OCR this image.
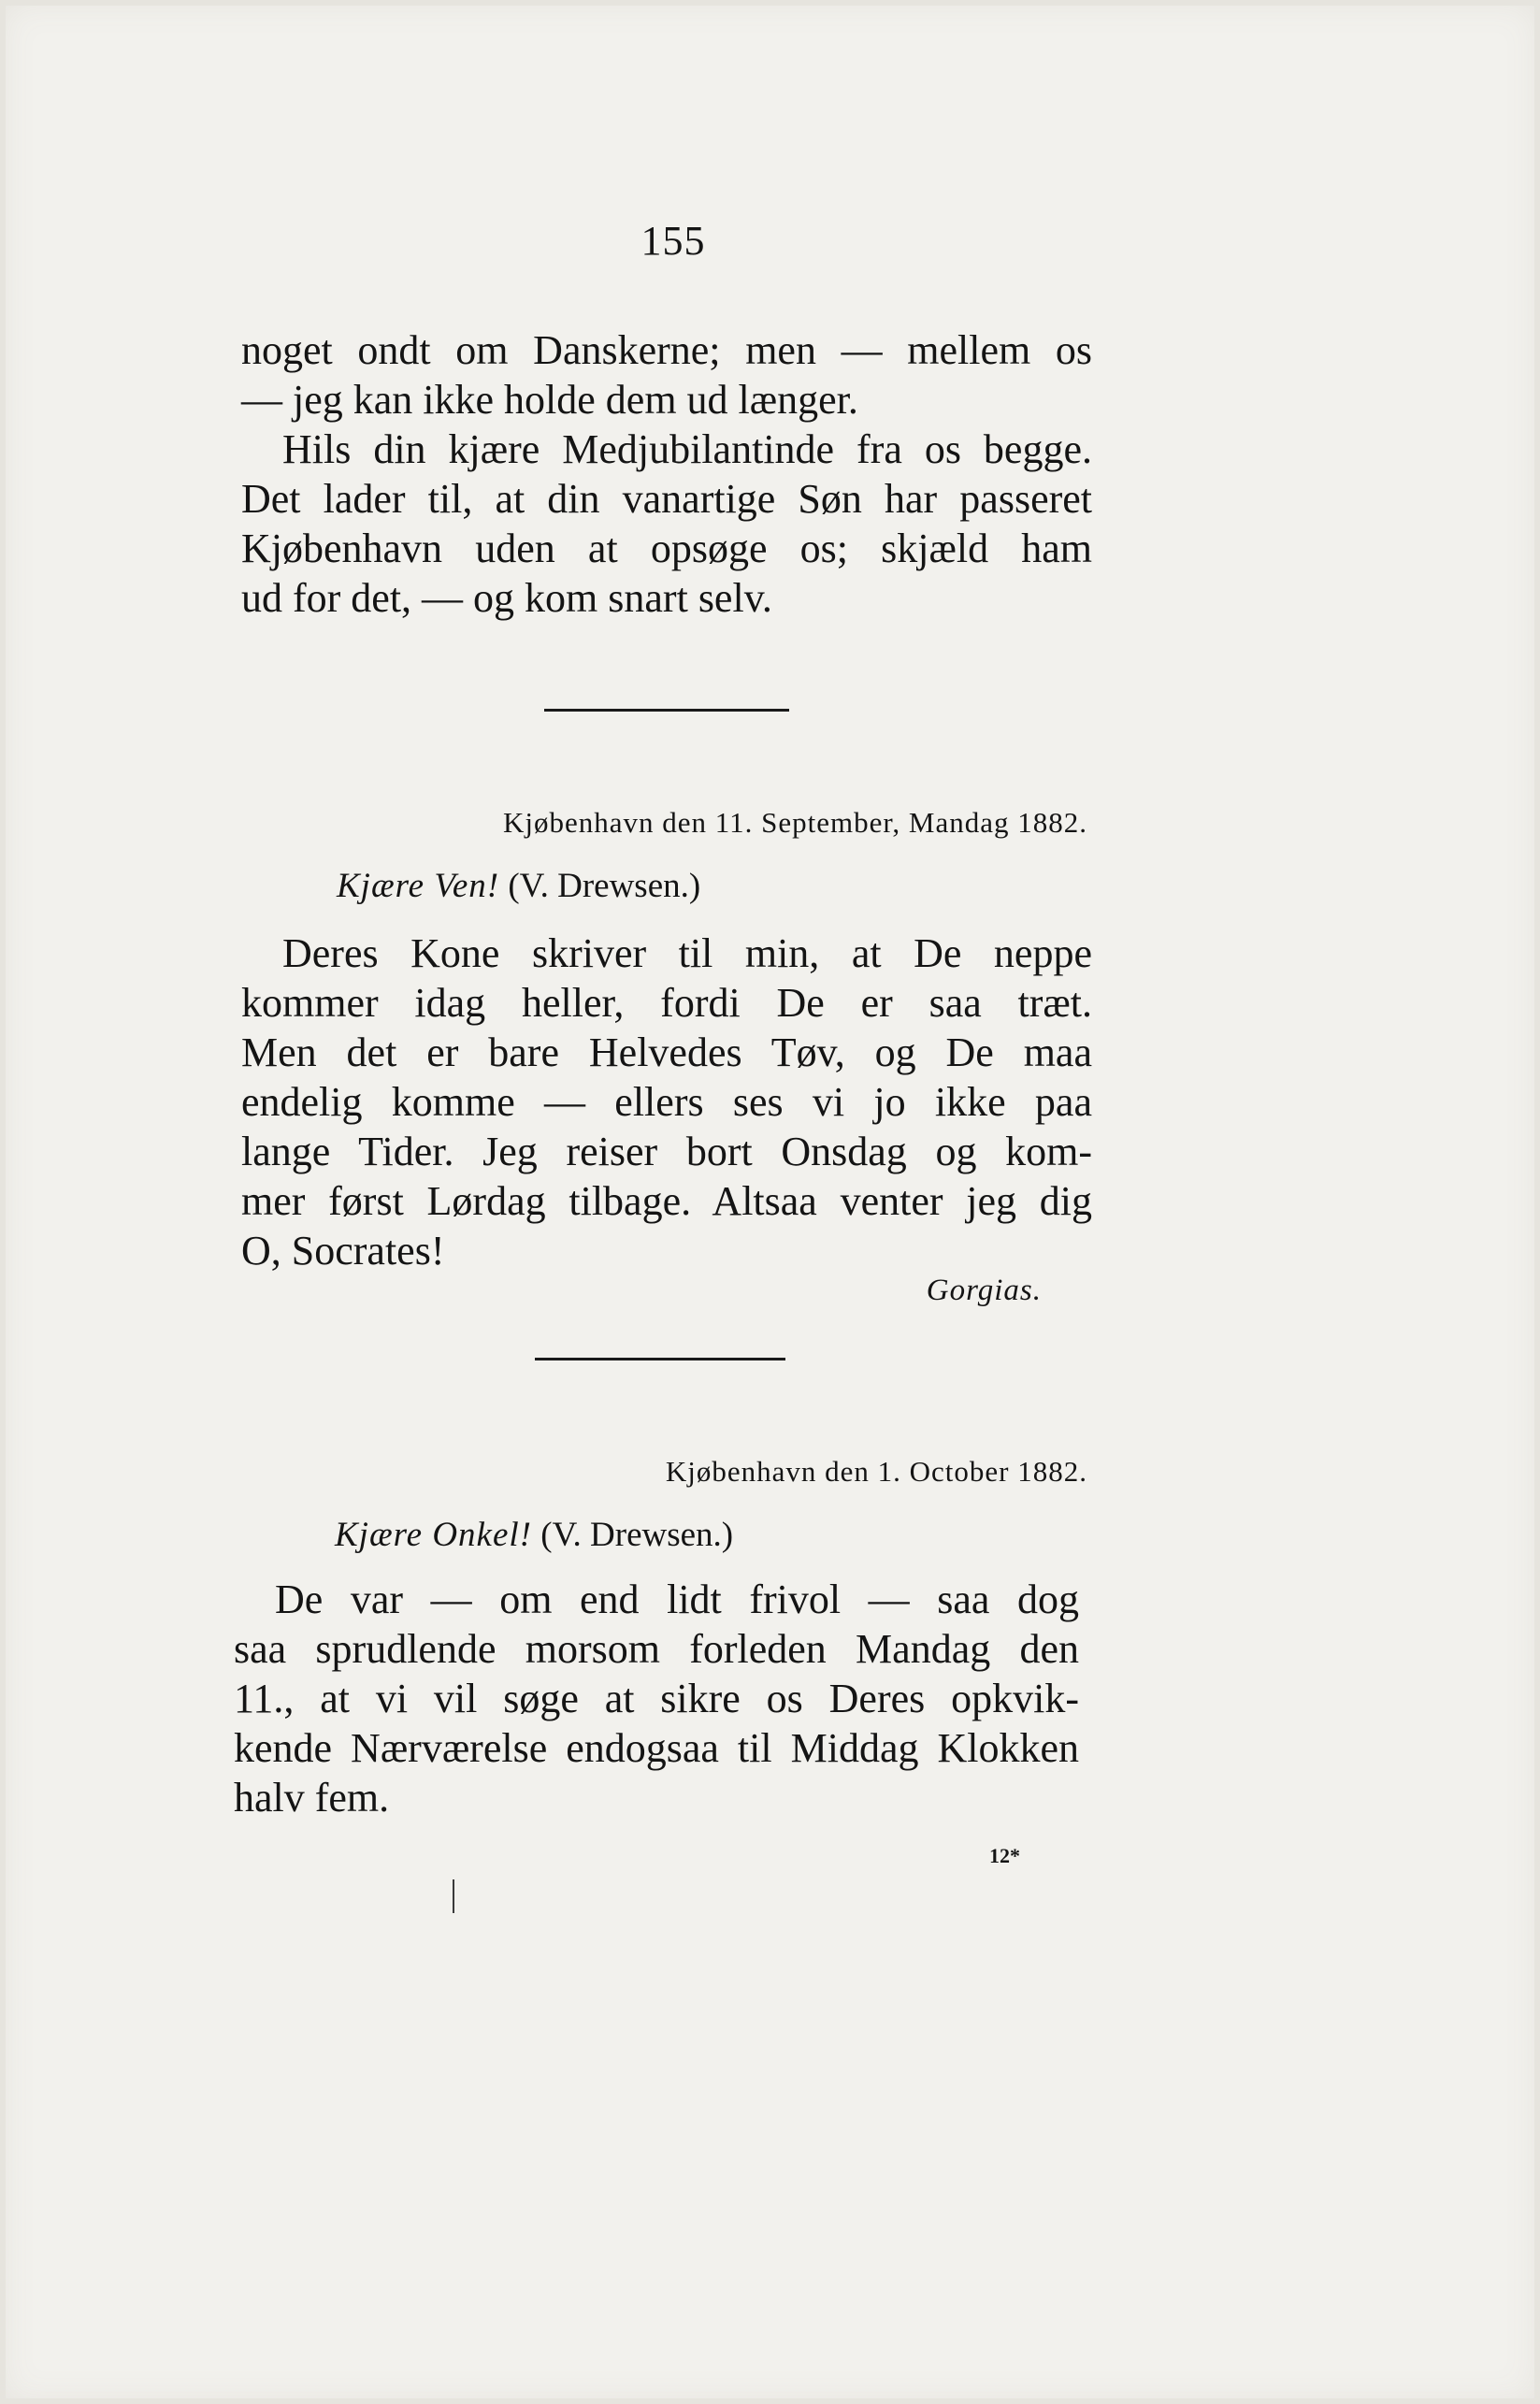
155
noget ondt om Danskerne; men — mellem os
— jeg kan ikke holde dem ud længer.
Hils din kjære Medjubilantinde fra os begge.
Det lader til, at din vanartige Søn har passeret
Kjøbenhavn uden at opsøge os; skjæld ham
ud for det, — og kom snart selv.
Kjøbenhavn den 11. September, Mandag 1882.
Kjære Ven! (V. Drewsen.)
Deres Kone skriver til min, at De neppe
kommer idag heller, fordi De er saa træt.
Men det er bare Helvedes Tøv, og De maa
endelig komme — ellers ses vi jo ikke paa
lange Tider. Jeg reiser bort Onsdag og kom-
mer først Lørdag tilbage. Altsaa venter jeg dig
O, Socrates!
Gorgias.
Kjøbenhavn den 1. October 1882.
Kjære Onkel! (V. Drewsen.)
De var — om end lidt frivol — saa dog
saa sprudlende morsom forleden Mandag den
11., at vi vil søge at sikre os Deres opkvik-
kende Nærværelse endogsaa til Middag Klokken
halv fem.
12*
